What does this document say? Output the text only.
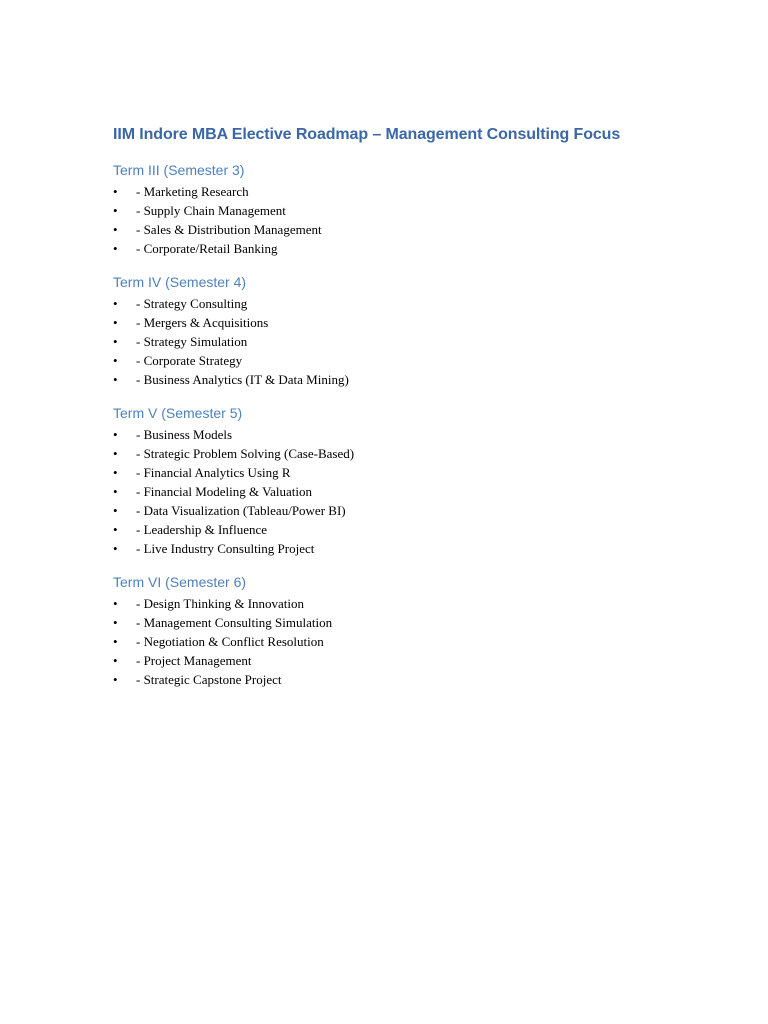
IIM Indore MBA Elective Roadmap – Management Consulting Focus
Term III (Semester 3)
• - Marketing Research
• - Supply Chain Management
• - Sales & Distribution Management
• - Corporate/Retail Banking
Term IV (Semester 4)
• - Strategy Consulting
• - Mergers & Acquisitions
• - Strategy Simulation
• - Corporate Strategy
• - Business Analytics (IT & Data Mining)
Term V (Semester 5)
• - Business Models
• - Strategic Problem Solving (Case-Based)
• - Financial Analytics Using R
• - Financial Modeling & Valuation
• - Data Visualization (Tableau/Power BI)
• - Leadership & Influence
• - Live Industry Consulting Project
Term VI (Semester 6)
• - Design Thinking & Innovation
• - Management Consulting Simulation
• - Negotiation & Conflict Resolution
• - Project Management
• - Strategic Capstone Project
